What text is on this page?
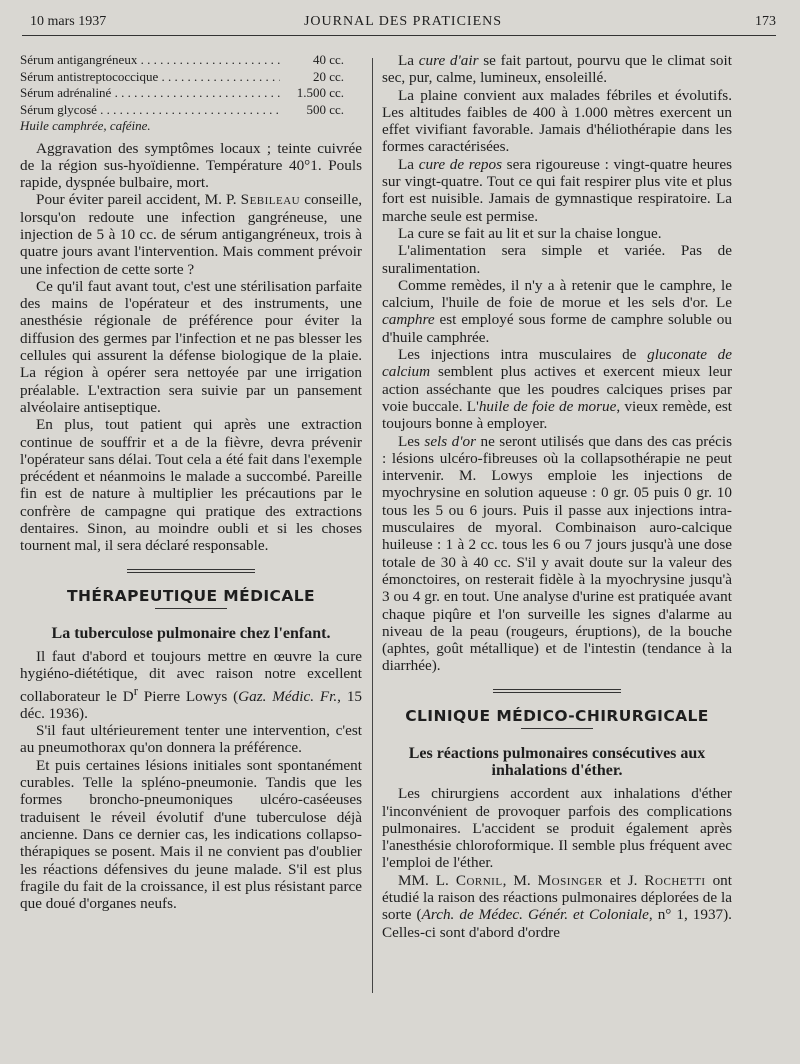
10 mars 1937	JOURNAL DES PRATICIENS	173
Sérum antigangréneux . . .	40 cc.
Sérum antistreptococcique . . .	20 cc.
Sérum adrénaliné . . .	1.500 cc.
Sérum glycosé . . .	500 cc.
Huile camphrée, caféine.

Aggravation des symptômes locaux ; teinte cuivrée de la région sus-hyoïdienne. Température 40°1. Pouls rapide, dyspnée bulbaire, mort.

Pour éviter pareil accident, M. P. Sebileau conseille, lorsqu'on redoute une infection gangréneuse, une injection de 5 à 10 cc. de sérum antigangréneux, trois à quatre jours avant l'intervention. Mais comment prévoir une infection de cette sorte ?

Ce qu'il faut avant tout, c'est une stérilisation parfaite des mains de l'opérateur et des instruments, une anesthésie régionale de préférence pour éviter la diffusion des germes par l'infection et ne pas blesser les cellules qui assurent la défense biologique de la plaie. La région à opérer sera nettoyée par une irrigation préalable. L'extraction sera suivie par un pansement alvéolaire antiseptique.

En plus, tout patient qui après une extraction continue de souffrir et a de la fièvre, devra prévenir l'opérateur sans délai. Tout cela a été fait dans l'exemple précédent et néanmoins le malade a succombé. Pareille fin est de nature à multiplier les précautions par le confrère de campagne qui pratique des extractions dentaires. Sinon, au moindre oubli et si les choses tournent mal, il sera déclaré responsable.

THÉRAPEUTIQUE MÉDICALE
La tuberculose pulmonaire chez l'enfant.

Il faut d'abord et toujours mettre en œuvre la cure hygiéno-diététique, dit avec raison notre excellent collaborateur le $D^r$ Pierre Lowys (Gaz. Médic. Fr., 15 déc. 1936).

S'il faut ultérieurement tenter une intervention, c'est au pneumothorax qu'on donnera la préférence.

Et puis certaines lésions initiales sont spontanément curables. Telle la spléno-pneumonie. Tandis que les formes broncho-pneumoniques ulcéro-caséeuses traduisent le réveil évolutif d'une tuberculose déjà ancienne. Dans ce dernier cas, les indications collapso-thérapiques se posent. Mais il ne convient pas d'oublier les réactions défensives du jeune malade. S'il est plus fragile du fait de la croissance, il est plus résistant parce que doué d'organes neufs.

La cure d'air se fait partout, pourvu que le climat soit sec, pur, calme, lumineux, ensoleillé.

La plaine convient aux malades fébriles et évolutifs. Les altitudes faibles de 400 à 1.000 mètres exercent un effet vivifiant favorable. Jamais d'héliothérapie dans les formes caractérisées.

La cure de repos sera rigoureuse : vingt-quatre heures sur vingt-quatre. Tout ce qui fait respirer plus vite et plus fort est nuisible. Jamais de gymnastique respiratoire. La marche seule est permise.

La cure se fait au lit et sur la chaise longue.

L'alimentation sera simple et variée. Pas de suralimentation.

Comme remèdes, il n'y a à retenir que le camphre, le calcium, l'huile de foie de morue et les sels d'or. Le camphre est employé sous forme de camphre soluble ou d'huile camphrée.

Les injections intra musculaires de gluconate de calcium semblent plus actives et exercent mieux leur action asséchante que les poudres calciques prises par voie buccale. L'huile de foie de morue, vieux remède, est toujours bonne à employer.

Les sels d'or ne seront utilisés que dans des cas précis : lésions ulcéro-fibreuses où la collapsothérapie ne peut intervenir. M. Lowys emploie les injections de myochrysine en solution aqueuse : 0 gr. 05 puis 0 gr. 10 tous les 5 ou 6 jours. Puis il passe aux injections intra-musculaires de myoral. Combinaison auro-calcique huileuse : 1 à 2 cc. tous les 6 ou 7 jours jusqu'à une dose totale de 30 à 40 cc. S'il y avait doute sur la valeur des émonctoires, on resterait fidèle à la myochrysine jusqu'à 3 ou 4 gr. en tout. Une analyse d'urine est pratiquée avant chaque piqûre et l'on surveille les signes d'alarme au niveau de la peau (rougeurs, éruptions), de la bouche (aphtes, goût métallique) et de l'intestin (tendance à la diarrhée).

CLINIQUE MÉDICO-CHIRURGICALE
Les réactions pulmonaires consécutives aux inhalations d'éther.

Les chirurgiens accordent aux inhalations d'éther l'inconvénient de provoquer parfois des complications pulmonaires. L'accident se produit également après l'anesthésie chloroformique. Il semble plus fréquent avec l'emploi de l'éther.

MM. L. Cornil, M. Mosinger et J. Rochetti ont étudié la raison des réactions pulmonaires déplorées de la sorte (Arch. de Médec. Génér. et Coloniale, n° 1, 1937). Celles-ci sont d'abord d'ordre
